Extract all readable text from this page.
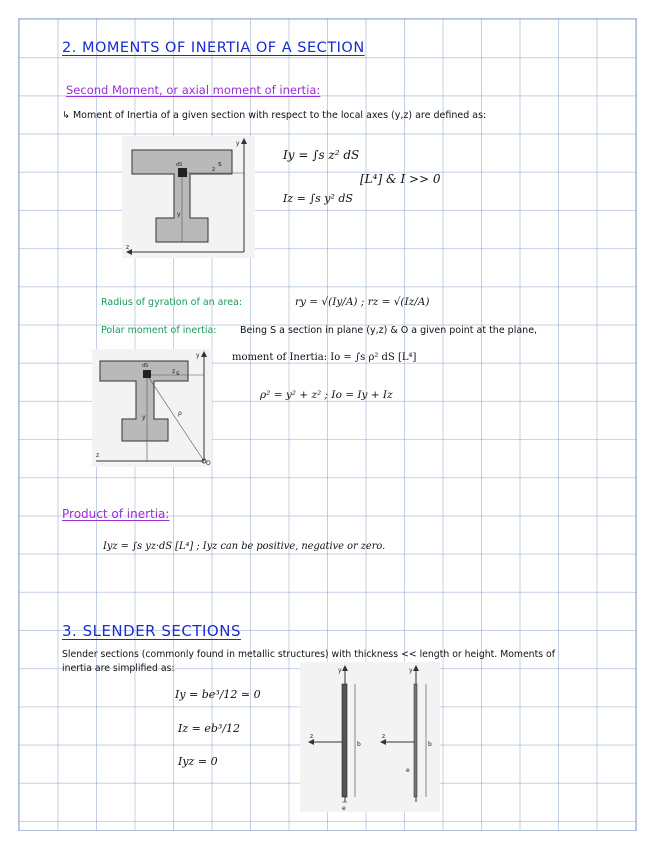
2. MOMENTS OF INERTIA OF A SECTION
Second Moment, or axial moment of inertia:
↳ Moment of Inertia of a given section with respect to the local axes (y,z) are defined as:
s
y
z
dS
y
z
Iy = ∫s z² dS
[L⁴] & I >> 0
Iz = ∫s y² dS
Radius of gyration of an area:	ry = √(Iy/A) ; rz = √(Iz/A)
Polar moment of inertia: Being S a section in plane (y,z) & O a given point at the plane,
moment of Inertia: Io = ∫s ρ² dS [L⁴]
ρ² = y² + z² ; Io = Iy + Iz
s
y
z
dS
y
ρ
z
O
Product of inertia:
Iyz = ∫s yz·dS [L⁴] ; Iyz can be positive, negative or zero.
3. SLENDER SECTIONS
Slender sections (commonly found in metallic structures) with thickness << length or height. Moments of
inertia are simplified as:
Iy = be³/12 ≃ 0
Iz = eb³/12
Iyz = 0
b
e
y
z
b
e
y
z
